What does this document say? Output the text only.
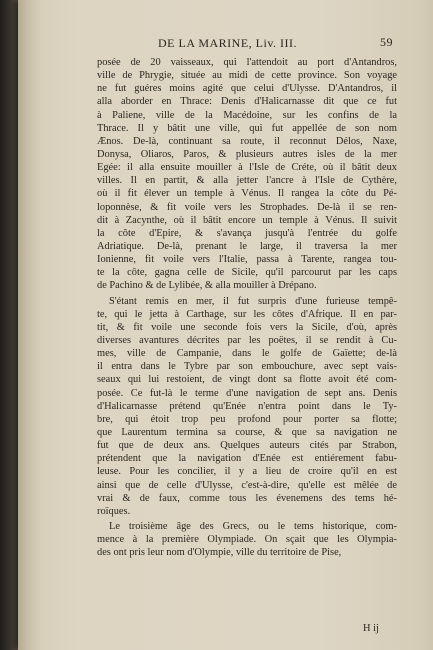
DE LA MARINE, Liv. III.	59
posée de 20 vaisseaux, qui l'attendoit au port d'Antandros,
ville de Phrygie, située au midi de cette province. Son voyage
ne fut guéres moins agité que celui d'Ulysse. D'Antandros, il
alla aborder en Thrace: Denis d'Halicarnasse dit que ce fut
à Paliene, ville de la Macédoine, sur les confins de la
Thrace. Il y bâtit une ville, qui fut appellée de son nom
Ænos. De-là, continuant sa route, il reconnut Délos, Naxe,
Donysa, Oliaros, Paros, & plusieurs autres isles de la mer
Egée: il alla ensuite mouiller à l'Isle de Créte, où il bâtit deux
villes. Il en partit, & alla jetter l'ancre à l'Isle de Cythère,
où il fit élever un temple à Vénus. Il rangea la côte du Pé-
loponnèse, & fit voile vers les Strophades. De-là il se ren-
dit à Zacynthe, où il bâtit encore un temple à Vénus. Il suivit
la côte d'Epire, & s'avança jusqu'à l'entrée du golfe
Adriatique. De-là, prenant le large, il traversa la mer
Ionienne, fit voile vers l'Italie, passa à Tarente, rangea tou-
te la côte, gagna celle de Sicile, qu'il parcourut par les caps
de Pachino & de Lylibée, & alla mouiller à Drépano.
S'étant remis en mer, il fut surpris d'une furieuse tempê-
te, qui le jetta à Carthage, sur les côtes d'Afrique. Il en par-
tit, & fit voile une seconde fois vers la Sicile, d'où, après
diverses avantures décrites par les poëtes, il se rendit à Cu-
mes, ville de Campanie, dans le golfe de Gaïette; de-là
il entra dans le Tybre par son embouchure, avec sept vais-
seaux qui lui restoient, de vingt dont sa flotte avoit été com-
posée. Ce fut-là le terme d'une navigation de sept ans. Denis
d'Halicarnasse prétend qu'Enée n'entra point dans le Ty-
bre, qui étoit trop peu profond pour porter sa flotte;
que Laurentum termina sa course, & que sa navigation ne
fut que de deux ans. Quelques auteurs cités par Strabon,
prétendent que la navigation d'Enée est entiérement fabu-
leuse. Pour les concilier, il y a lieu de croire qu'il en est
ainsi que de celle d'Ulysse, c'est-à-dire, qu'elle est mêlée de
vrai & de faux, comme tous les évenemens des tems hé-
roïques.
Le troisième âge des Grecs, ou le tems historique, com-
mence à la première Olympiade. On sçait que les Olympia-
des ont pris leur nom d'Olympie, ville du territoire de Pise,
H ij
